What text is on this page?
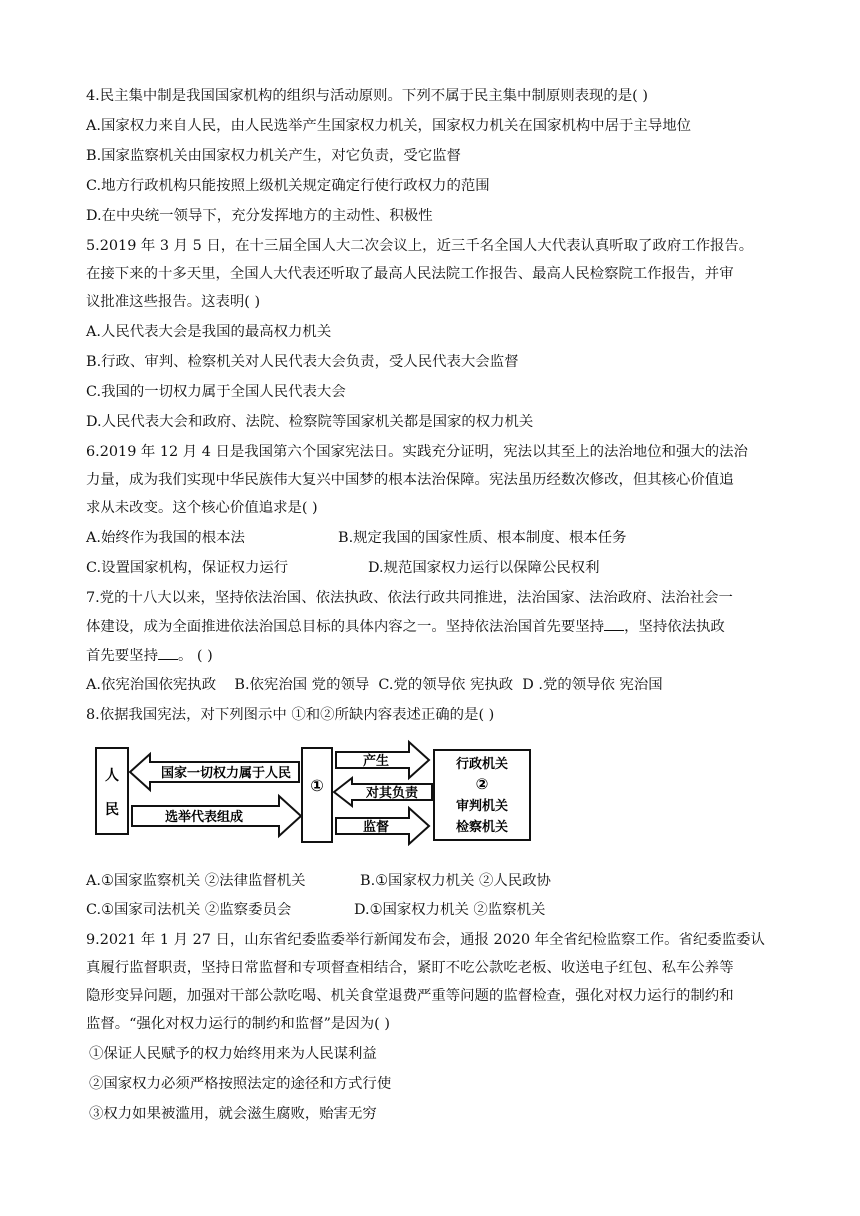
4.民主集中制是我国国家机构的组织与活动原则。下列不属于民主集中制原则表现的是( )
A.国家权力来自人民，由人民选举产生国家权力机关，国家权力机关在国家机构中居于主导地位
B.国家监察机关由国家权力机关产生，对它负责，受它监督
C.地方行政机构只能按照上级机关规定确定行使行政权力的范围
D.在中央统一领导下，充分发挥地方的主动性、积极性
5.2019 年 3 月 5 日，在十三届全国人大二次会议上，近三千名全国人大代表认真听取了政府工作报告。
在接下来的十多天里，全国人大代表还听取了最高人民法院工作报告、最高人民检察院工作报告，并审
议批准这些报告。这表明( )
A.人民代表大会是我国的最高权力机关
B.行政、审判、检察机关对人民代表大会负责，受人民代表大会监督
C.我国的一切权力属于全国人民代表大会
D.人民代表大会和政府、法院、检察院等国家机关都是国家的权力机关
6.2019 年 12 月 4 日是我国第六个国家宪法日。实践充分证明，宪法以其至上的法治地位和强大的法治
力量，成为我们实现中华民族伟大复兴中国梦的根本法治保障。宪法虽历经数次修改，但其核心价值追
求从未改变。这个核心价值追求是( )
A.始终作为我国的根本法	B.规定我国的国家性质、根本制度、根本任务
C.设置国家机构，保证权力运行	D.规范国家权力运行以保障公民权利
7.党的十八大以来，坚持依法治国、依法执政、依法行政共同推进，法治国家、法治政府、法治社会一
体建设，成为全面推进依法治国总目标的具体内容之一。坚持依法治国首先要坚持 ，坚持依法执政
首先要坚持 。 ( )
A.依宪治国依宪执政    B.依宪治国 党的领导  C.党的领导依 宪执政  D .党的领导依 宪治国
8.依据我国宪法，对下列图示中 ①和②所缺内容表述正确的是( )
人
民
国家一切权力属于人民
选举代表组成
①
产生
对其负责
监督
行政机关
②
审判机关
检察机关
A.①国家监察机关 ②法律监督机关	B.①国家权力机关 ②人民政协
C.①国家司法机关 ②监察委员会	D.①国家权力机关 ②监察机关
9.2021 年 1 月 27 日，山东省纪委监委举行新闻发布会，通报 2020 年全省纪检监察工作。省纪委监委认
真履行监督职责，坚持日常监督和专项督查相结合，紧盯不吃公款吃老板、收送电子红包、私车公养等
隐形变异问题，加强对干部公款吃喝、机关食堂退费严重等问题的监督检查，强化对权力运行的制约和
监督。“强化对权力运行的制约和监督”是因为( )
①保证人民赋予的权力始终用来为人民谋利益
②国家权力必须严格按照法定的途径和方式行使
③权力如果被滥用，就会滋生腐败，贻害无穷
